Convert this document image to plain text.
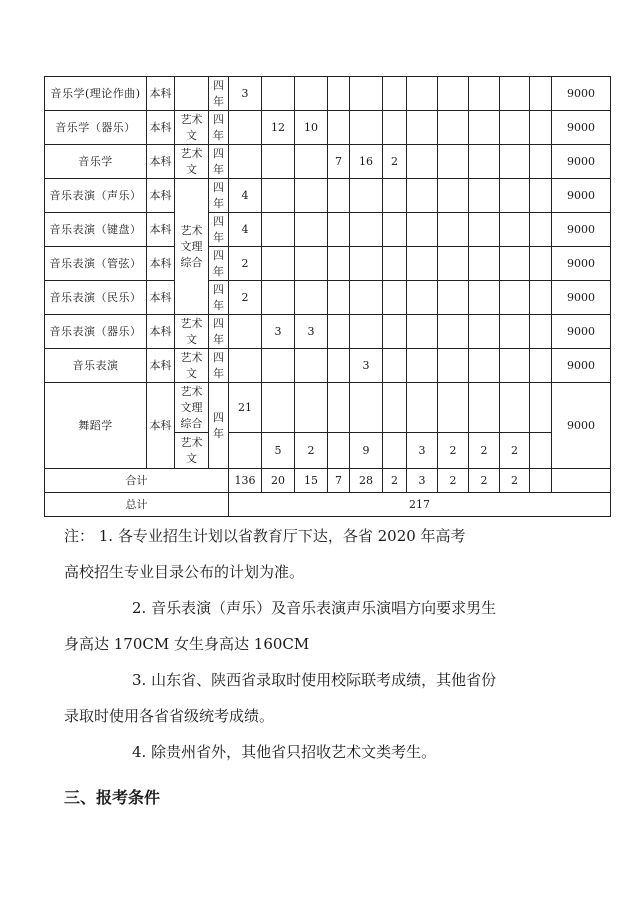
音乐学(理论作曲)	本科		四年	3											9000
音乐学（器乐）	本科	艺术文	四年		12	10									9000
音乐学	本科	艺术文	四年				7	16	2						9000
音乐表演（声乐）	本科	艺术文理综合	四年	4											9000
音乐表演（键盘）	本科		四年	4											9000
音乐表演（管弦）	本科		四年	2											9000
音乐表演（民乐）	本科		四年	2											9000
音乐表演（器乐）	本科	艺术文	四年		3	3									9000
音乐表演	本科	艺术文	四年					3							9000
舞蹈学	本科	艺术文理综合	四年	21											9000
		艺术文			5	2		9		3	2	2	2		
合计				136	20	15	7	28	2	3	2	2	2		
总计				217											

注： 1. 各专业招生计划以省教育厅下达，各省 2020 年高考

高校招生专业目录公布的计划为准。

2. 音乐表演（声乐）及音乐表演声乐演唱方向要求男生

身高达 170CM 女生身高达 160CM

3. 山东省、陕西省录取时使用校际联考成绩，其他省份

录取时使用各省省级统考成绩。

4. 除贵州省外，其他省只招收艺术文类考生。

三、报考条件
